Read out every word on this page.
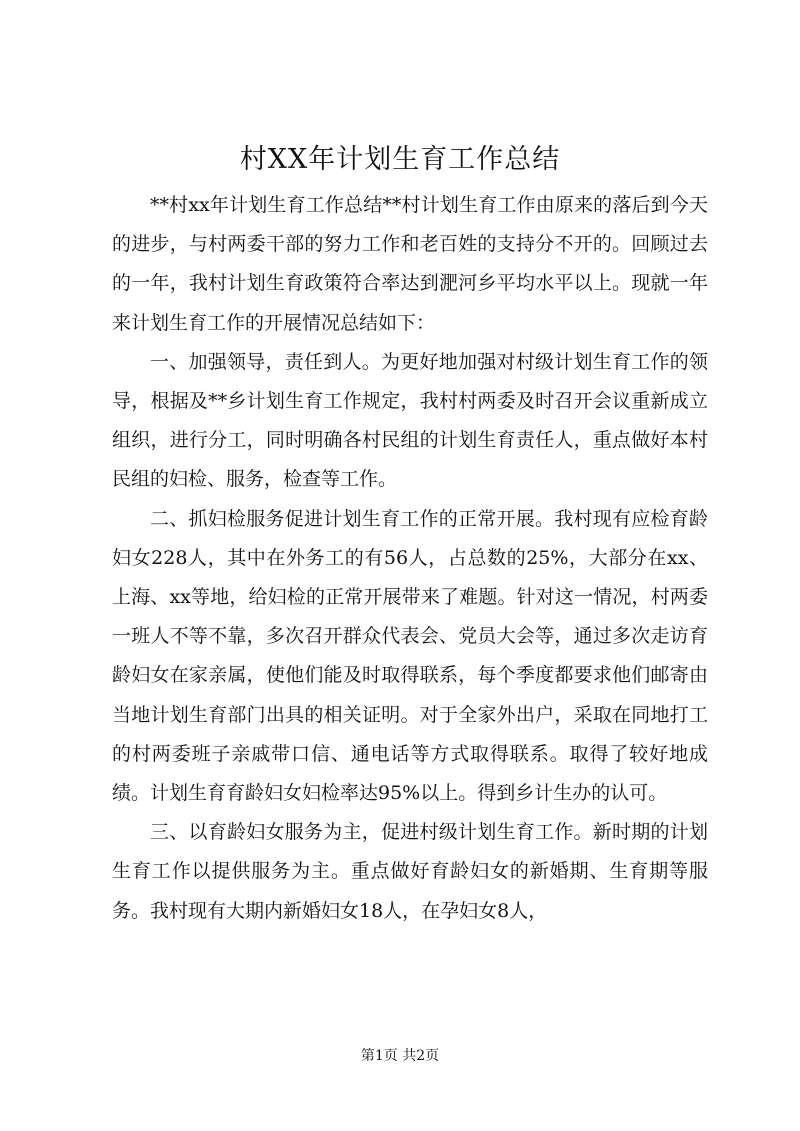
村XX年计划生育工作总结

**村xx年计划生育工作总结**村计划生育工作由原来的落后到今天的进步，与村两委干部的努力工作和老百姓的支持分不开的。回顾过去的一年，我村计划生育政策符合率达到淝河乡平均水平以上。现就一年来计划生育工作的开展情况总结如下：

一、加强领导，责任到人。为更好地加强对村级计划生育工作的领导，根据及**乡计划生育工作规定，我村村两委及时召开会议重新成立组织，进行分工，同时明确各村民组的计划生育责任人，重点做好本村民组的妇检、服务，检查等工作。

二、抓妇检服务促进计划生育工作的正常开展。我村现有应检育龄妇女228人，其中在外务工的有56人，占总数的25%，大部分在xx、上海、xx等地，给妇检的正常开展带来了难题。针对这一情况，村两委一班人不等不靠，多次召开群众代表会、党员大会等，通过多次走访育龄妇女在家亲属，使他们能及时取得联系，每个季度都要求他们邮寄由当地计划生育部门出具的相关证明。对于全家外出户，采取在同地打工的村两委班子亲戚带口信、通电话等方式取得联系。取得了较好地成绩。计划生育育龄妇女妇检率达95%以上。得到乡计生办的认可。

三、以育龄妇女服务为主，促进村级计划生育工作。新时期的计划生育工作以提供服务为主。重点做好育龄妇女的新婚期、生育期等服务。我村现有大期内新婚妇女18人，在孕妇女8人，

第1页 共2页
